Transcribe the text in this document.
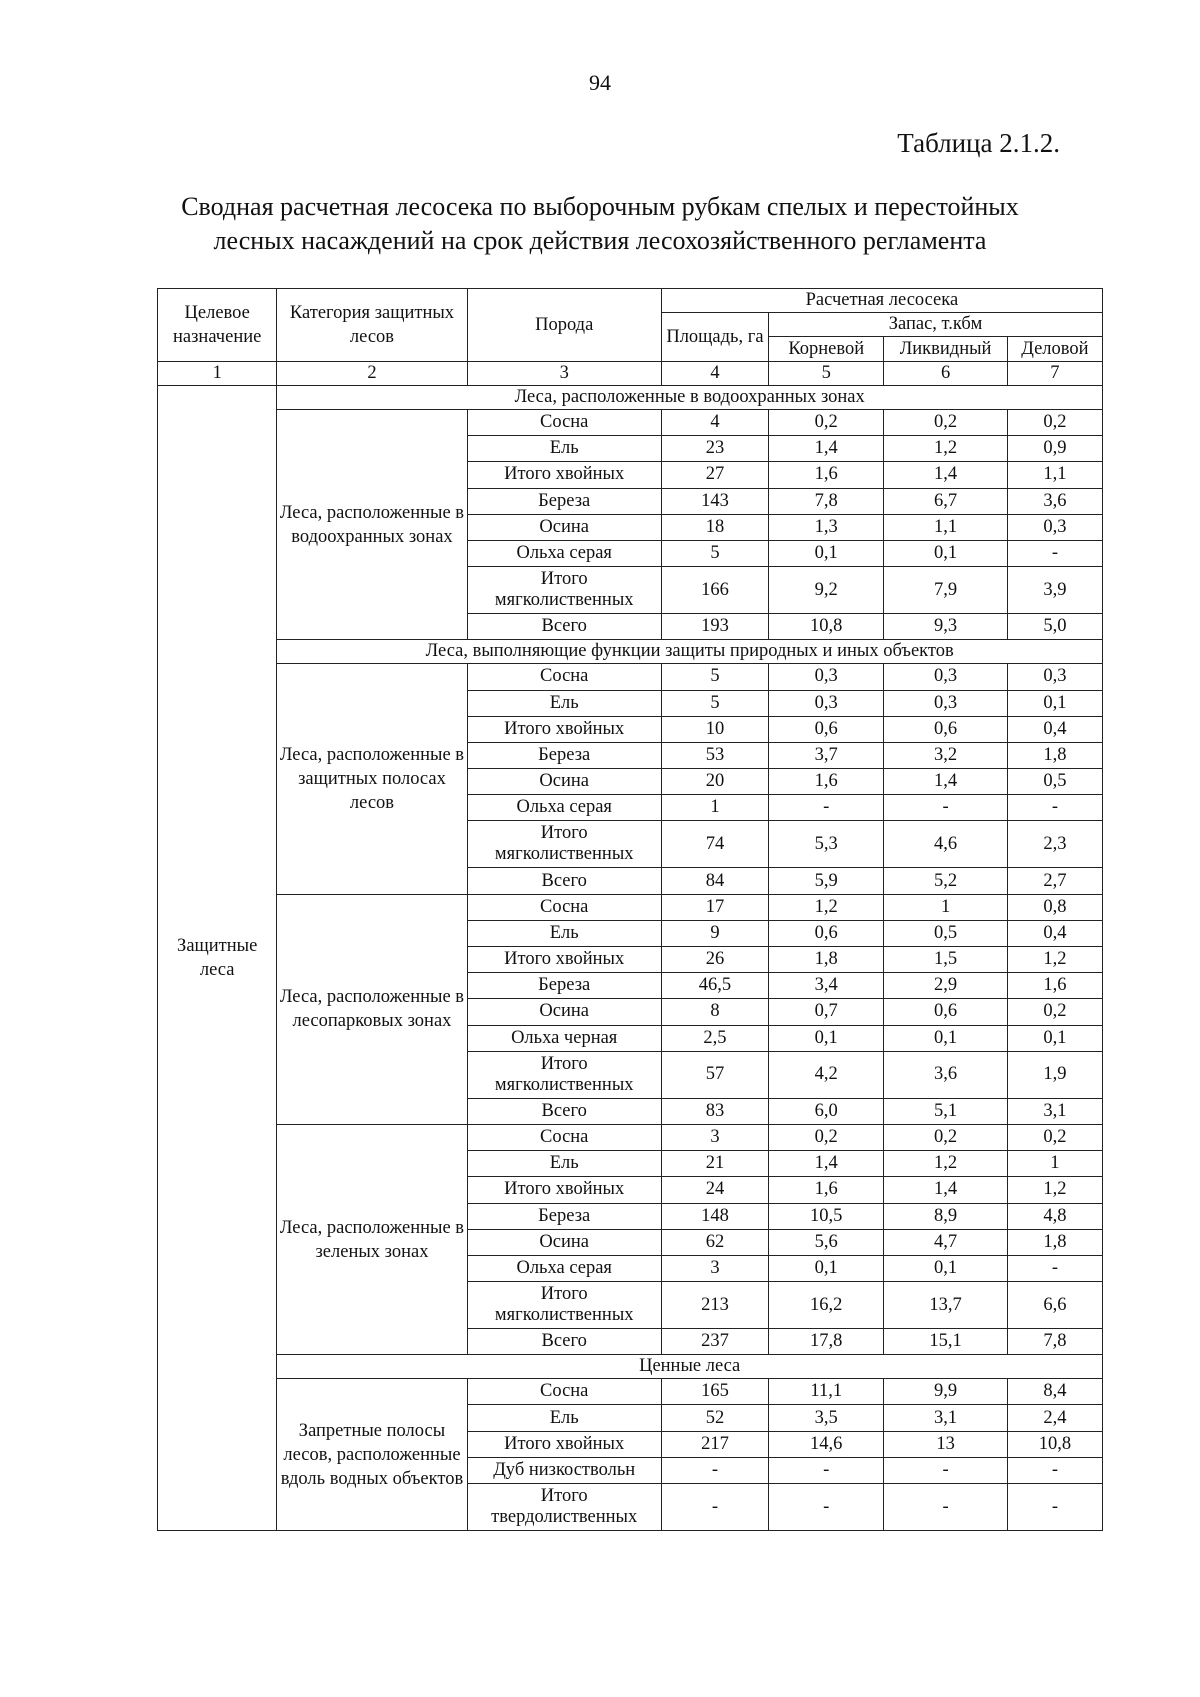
94
Таблица 2.1.2.
Сводная расчетная лесосека по выборочным рубкам спелых и перестойных
лесных насаждений на срок действия лесохозяйственного регламента
Целевое назначение	Категория защитных лесов	Порода	Расчетная лесосека			
			Площадь, га	Запас, т.кбм		
				Корневой	Ликвидный	Деловой
1	2	3	4	5	6	7
Защитные леса	Леса, расположенные в водоохранных зонах					
	Леса, расположенные в водоохранных зонах	Сосна	4	0,2	0,2	0,2
		Ель	23	1,4	1,2	0,9
		Итого хвойных	27	1,6	1,4	1,1
		Береза	143	7,8	6,7	3,6
		Осина	18	1,3	1,1	0,3
		Ольха серая	5	0,1	0,1	-
		Итого мягколиственных	166	9,2	7,9	3,9
		Всего	193	10,8	9,3	5,0
	Леса, выполняющие функции защиты природных и иных объектов					
	Леса, расположенные в защитных полосах лесов	Сосна	5	0,3	0,3	0,3
		Ель	5	0,3	0,3	0,1
		Итого хвойных	10	0,6	0,6	0,4
		Береза	53	3,7	3,2	1,8
		Осина	20	1,6	1,4	0,5
		Ольха серая	1	-	-	-
		Итого мягколиственных	74	5,3	4,6	2,3
		Всего	84	5,9	5,2	2,7
	Леса, расположенные в лесопарковых зонах	Сосна	17	1,2	1	0,8
		Ель	9	0,6	0,5	0,4
		Итого хвойных	26	1,8	1,5	1,2
		Береза	46,5	3,4	2,9	1,6
		Осина	8	0,7	0,6	0,2
		Ольха черная	2,5	0,1	0,1	0,1
		Итого мягколиственных	57	4,2	3,6	1,9
		Всего	83	6,0	5,1	3,1
	Леса, расположенные в зеленых зонах	Сосна	3	0,2	0,2	0,2
		Ель	21	1,4	1,2	1
		Итого хвойных	24	1,6	1,4	1,2
		Береза	148	10,5	8,9	4,8
		Осина	62	5,6	4,7	1,8
		Ольха серая	3	0,1	0,1	-
		Итого мягколиственных	213	16,2	13,7	6,6
		Всего	237	17,8	15,1	7,8
	Ценные леса					
	Запретные полосы лесов, расположенные вдоль водных объектов	Сосна	165	11,1	9,9	8,4
		Ель	52	3,5	3,1	2,4
		Итого хвойных	217	14,6	13	10,8
		Дуб низкоствольн	-	-	-	-
		Итого твердолиственных	-	-	-	-
